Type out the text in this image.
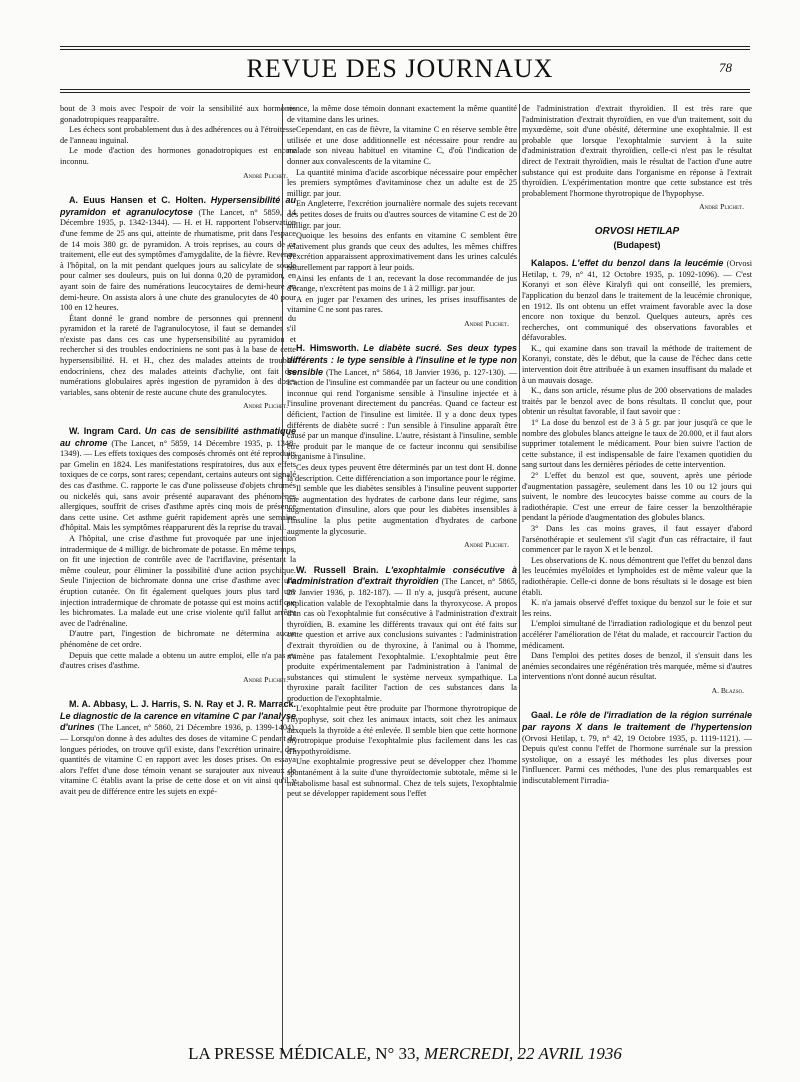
REVUE DES JOURNAUX	78

bout de 3 mois avec l'espoir de voir la sensibilité aux hormones gonadotropiques reapparaître.

Les échecs sont probablement dus à des adhérences ou à l'étroitesse de l'anneau inguinal.

Le mode d'action des hormones gonadotropiques est encore inconnu.

André Plichet.

A. Euus Hansen et C. Holten. Hypersensibilité au pyramidon et agranulocytose (The Lancet, n° 5859, 14 Décembre 1935, p. 1342-1344). — H. et H. rapportent l'observation d'une femme de 25 ans qui, atteinte de rhumatisme, prit dans l'espace de 14 mois 380 gr. de pyramidon. A trois reprises, au cours de ce traitement, elle eut des symptômes d'amygdalite, de la fièvre. Revenue à l'hôpital, on la mit pendant quelques jours au salicylate de soude pour calmer ses douleurs, puis on lui donna 0,20 de pyramidon, en ayant soin de faire des numérations leucocytaires de demi-heure en demi-heure. On assista alors à une chute des granulocytes de 40 pour 100 en 12 heures.

Étant donné le grand nombre de personnes qui prennent du pyramidon et la rareté de l'agranulocytose, il faut se demander s'il n'existe pas dans ces cas une hypersensibilité au pyramidon et rechercher si des troubles endocriniens ne sont pas à la base de cette hypersensibilité. H. et H., chez des malades atteints de troubles endocriniens, chez des malades atteints d'achylie, ont fait des numérations globulaires après ingestion de pyramidon à des doses variables, sans obtenir de reste aucune chute des granulocytes.

André Plichet.

W. Ingram Card. Un cas de sensibilité asthmatique au chrome (The Lancet, n° 5859, 14 Décembre 1935, p. 1348-1349). — Les effets toxiques des composés chromés ont été reproduits par Gmelin en 1824. Les manifestations respiratoires, dus aux effets toxiques de ce corps, sont rares; cependant, certains auteurs ont signalé des cas d'asthme. C. rapporte le cas d'une polisseuse d'objets chromés ou nickelés qui, sans avoir présenté auparavant des phénomènes allergiques, souffrit de crises d'asthme après cinq mois de présence dans cette usine. Cet asthme guérit rapidement après une semaine d'hôpital. Mais les symptômes réapparurent dès la reprise du travail.

A l'hôpital, une crise d'asthme fut provoquée par une injection intradermique de 4 milligr. de bichromate de potasse. En même temps, on fit une injection de contrôle avec de l'acriflavine, présentant la même couleur, pour éliminer la possibilité d'une action psychique. Seule l'injection de bichromate donna une crise d'asthme avec une éruption cutanée. On fit également quelques jours plus tard une injection intradermique de chromate de potasse qui est moins actif que les bichromates. La malade eut une crise violente qu'il fallut arrêter avec de l'adrénaline.

D'autre part, l'ingestion de bichromate ne détermina aucun phénomène de cet ordre.

Depuis que cette malade a obtenu un autre emploi, elle n'a pas eu d'autres crises d'asthme.

André Plichet.

M. A. Abbasy, L. J. Harris, S. N. Ray et J. R. Marrack. Le diagnostic de la carence en vitamine C par l'analyse d'urines (The Lancet, n° 5860, 21 Décembre 1936, p. 1399-1404). — Lorsqu'on donne à des adultes des doses de vitamine C pendant de longues périodes, on trouve qu'il existe, dans l'excrétion urinaire, des quantités de vitamine C en rapport avec les doses prises. On essaya alors l'effet d'une dose témoin venant se surajouter aux niveaux de vitamine C établis avant la prise de cette dose et on vit ainsi qu'il y avait peu de différence entre les sujets en expé-

rience, la même dose témoin donnant exactement la même quantité de vitamine dans les urines.

Cependant, en cas de fièvre, la vitamine C en réserve semble être utilisée et une dose additionnelle est nécessaire pour rendre au malade son niveau habituel en vitamine C, d'où l'indication de donner aux convalescents de la vitamine C.

La quantité minima d'acide ascorbique nécessaire pour empêcher les premiers symptômes d'avitaminose chez un adulte est de 25 milligr. par jour.

En Angleterre, l'excrétion journalière normale des sujets recevant des petites doses de fruits ou d'autres sources de vitamine C est de 20 milligr. par jour.

Quoique les besoins des enfants en vitamine C semblent être relativement plus grands que ceux des adultes, les mêmes chiffres d'excrétion apparaissent approximativement dans les urines calculés naturellement par rapport à leur poids.

Ainsi les enfants de 1 an, recevant la dose recommandée de jus d'orange, n'excrètent pas moins de 1 à 2 milligr. par jour.

A en juger par l'examen des urines, les prises insuffisantes de vitamine C ne sont pas rares.

André Plichet.

H. Himsworth. Le diabète sucré. Ses deux types différents : le type sensible à l'insuline et le type non sensible (The Lancet, n° 5864, 18 Janvier 1936, p. 127-130). — L'action de l'insuline est commandée par un facteur ou une condition inconnue qui rend l'organisme sensible à l'insuline injectée et à l'insuline provenant directement du pancréas. Quand ce facteur est déficient, l'action de l'insuline est limitée. Il y a donc deux types différents de diabète sucré : l'un sensible à l'insuline apparaît être causé par un manque d'insuline. L'autre, résistant à l'insuline, semble être produit par le manque de ce facteur inconnu qui sensibilise l'organisme à l'insuline.

Ces deux types peuvent être déterminés par un test dont H. donne la description. Cette différenciation a son importance pour le régime.

Il semble que les diabètes sensibles à l'insuline peuvent supporter une augmentation des hydrates de carbone dans leur régime, sans augmentation d'insuline, alors que pour les diabètes insensibles à l'insuline la plus petite augmentation d'hydrates de carbone augmente la glycosurie.

André Plichet.

W. Russell Brain. L'exophtalmie consécutive à l'administration d'extrait thyroïdien (The Lancet, n° 5865, 25 Janvier 1936, p. 182-187). — Il n'y a, jusqu'à présent, aucune explication valable de l'exophtalmie dans la thyroxycose. A propos d'un cas où l'exophtalmie fut consécutive à l'administration d'extrait thyroïdien, B. examine les différents travaux qui ont été faits sur cette question et arrive aux conclusions suivantes : l'administration d'extrait thyroïdien ou de thyroxine, à l'animal ou à l'homme, n'amène pas fatalement l'exophtalmie. L'exophtalmie peut être produite expérimentalement par l'administration à l'animal de substances qui stimulent le système nerveux sympathique. La thyroxine paraît faciliter l'action de ces substances dans la production de l'exophtalmie.

L'exophtalmie peut être produite par l'hormone thyrotropique de l'hypophyse, soit chez les animaux intacts, soit chez les animaux auxquels la thyroïde a été enlevée. Il semble bien que cette hormone thyrotropique produise l'exophtalmie plus facilement dans les cas d'hypothyroïdisme.

Une exophtalmie progressive peut se développer chez l'homme spontanément à la suite d'une thyroïdectomie subtotale, même si le métabolisme basal est subnormal. Chez de tels sujets, l'exophtalmie peut se développer rapidement sous l'effet

de l'administration d'extrait thyroïdien. Il est très rare que l'administration d'extrait thyroïdien, en vue d'un traitement, soit du myxœdème, soit d'une obésité, détermine une exophtalmie. Il est probable que lorsque l'exophtalmie survient à la suite d'administration d'extrait thyroïdien, celle-ci n'est pas le résultat direct de l'extrait thyroïdien, mais le résultat de l'action d'une autre substance qui est produite dans l'organisme en réponse à l'extrait thyroïdien. L'expérimentation montre que cette substance est très probablement l'hormone thyrotropique de l'hypophyse.

André Plichet.
ORVOSI HETILAP
(Budapest)

Kalapos. L'effet du benzol dans la leucémie (Orvosi Hetilap, t. 79, n° 41, 12 Octobre 1935, p. 1092-1096). — C'est Koranyi et son élève Kiralyfi qui ont conseillé, les premiers, l'application du benzol dans le traitement de la leucémie chronique, en 1912. Ils ont obtenu un effet vraiment favorable avec la dose encore non toxique du benzol. Quelques auteurs, après ces recherches, ont communiqué des observations favorables et défavorables.

K., qui examine dans son travail la méthode de traitement de Koranyi, constate, dès le début, que la cause de l'échec dans cette intervention doit être attribuée à un examen insuffisant du malade et à un mauvais dosage.

K., dans son article, résume plus de 200 observations de malades traités par le benzol avec de bons résultats. Il conclut que, pour obtenir un résultat favorable, il faut savoir que :

1° La dose du benzol est de 3 à 5 gr. par jour jusqu'à ce que le nombre des globules blancs atteigne le taux de 20.000, et il faut alors supprimer totalement le médicament. Pour bien suivre l'action de cette substance, il est indispensable de faire l'examen quotidien du sang surtout dans les dernières périodes de cette intervention.

2° L'effet du benzol est que, souvent, après une période d'augmentation passagère, seulement dans les 10 ou 12 jours qui suivent, le nombre des leucocytes baisse comme au cours de la radiothérapie. C'est une erreur de faire cesser la benzolthérapie pendant la période d'augmentation des globules blancs.

3° Dans les cas moins graves, il faut essayer d'abord l'arsénothérapie et seulement s'il s'agit d'un cas réfractaire, il faut commencer par le rayon X et le benzol.

Les observations de K. nous démontrent que l'effet du benzol dans les leucémies myéloïdes et lymphoïdes est de même valeur que la radiothérapie. Celle-ci donne de bons résultats si le dosage est bien établi.

K. n'a jamais observé d'effet toxique du benzol sur le foie et sur les reins.

L'emploi simultané de l'irradiation radiologique et du benzol peut accélérer l'amélioration de l'état du malade, et raccourcir l'action du médicament.

Dans l'emploi des petites doses de benzol, il s'ensuit dans les anémies secondaires une régénération très marquée, même si d'autres interventions n'ont donné aucun résultat.

A. Blazso.

Gaal. Le rôle de l'irradiation de la région surrénale par rayons X dans le traitement de l'hypertension (Orvosi Hetilap, t. 79, n° 42, 19 Octobre 1935, p. 1119-1121). — Depuis qu'est connu l'effet de l'hormone surrénale sur la pression systolique, on a essayé les méthodes les plus diverses pour l'influencer. Parmi ces méthodes, l'une des plus remarquables est indiscutablement l'irradia-

LA PRESSE MÉDICALE, N° 33, MERCREDI, 22 AVRIL 1936
